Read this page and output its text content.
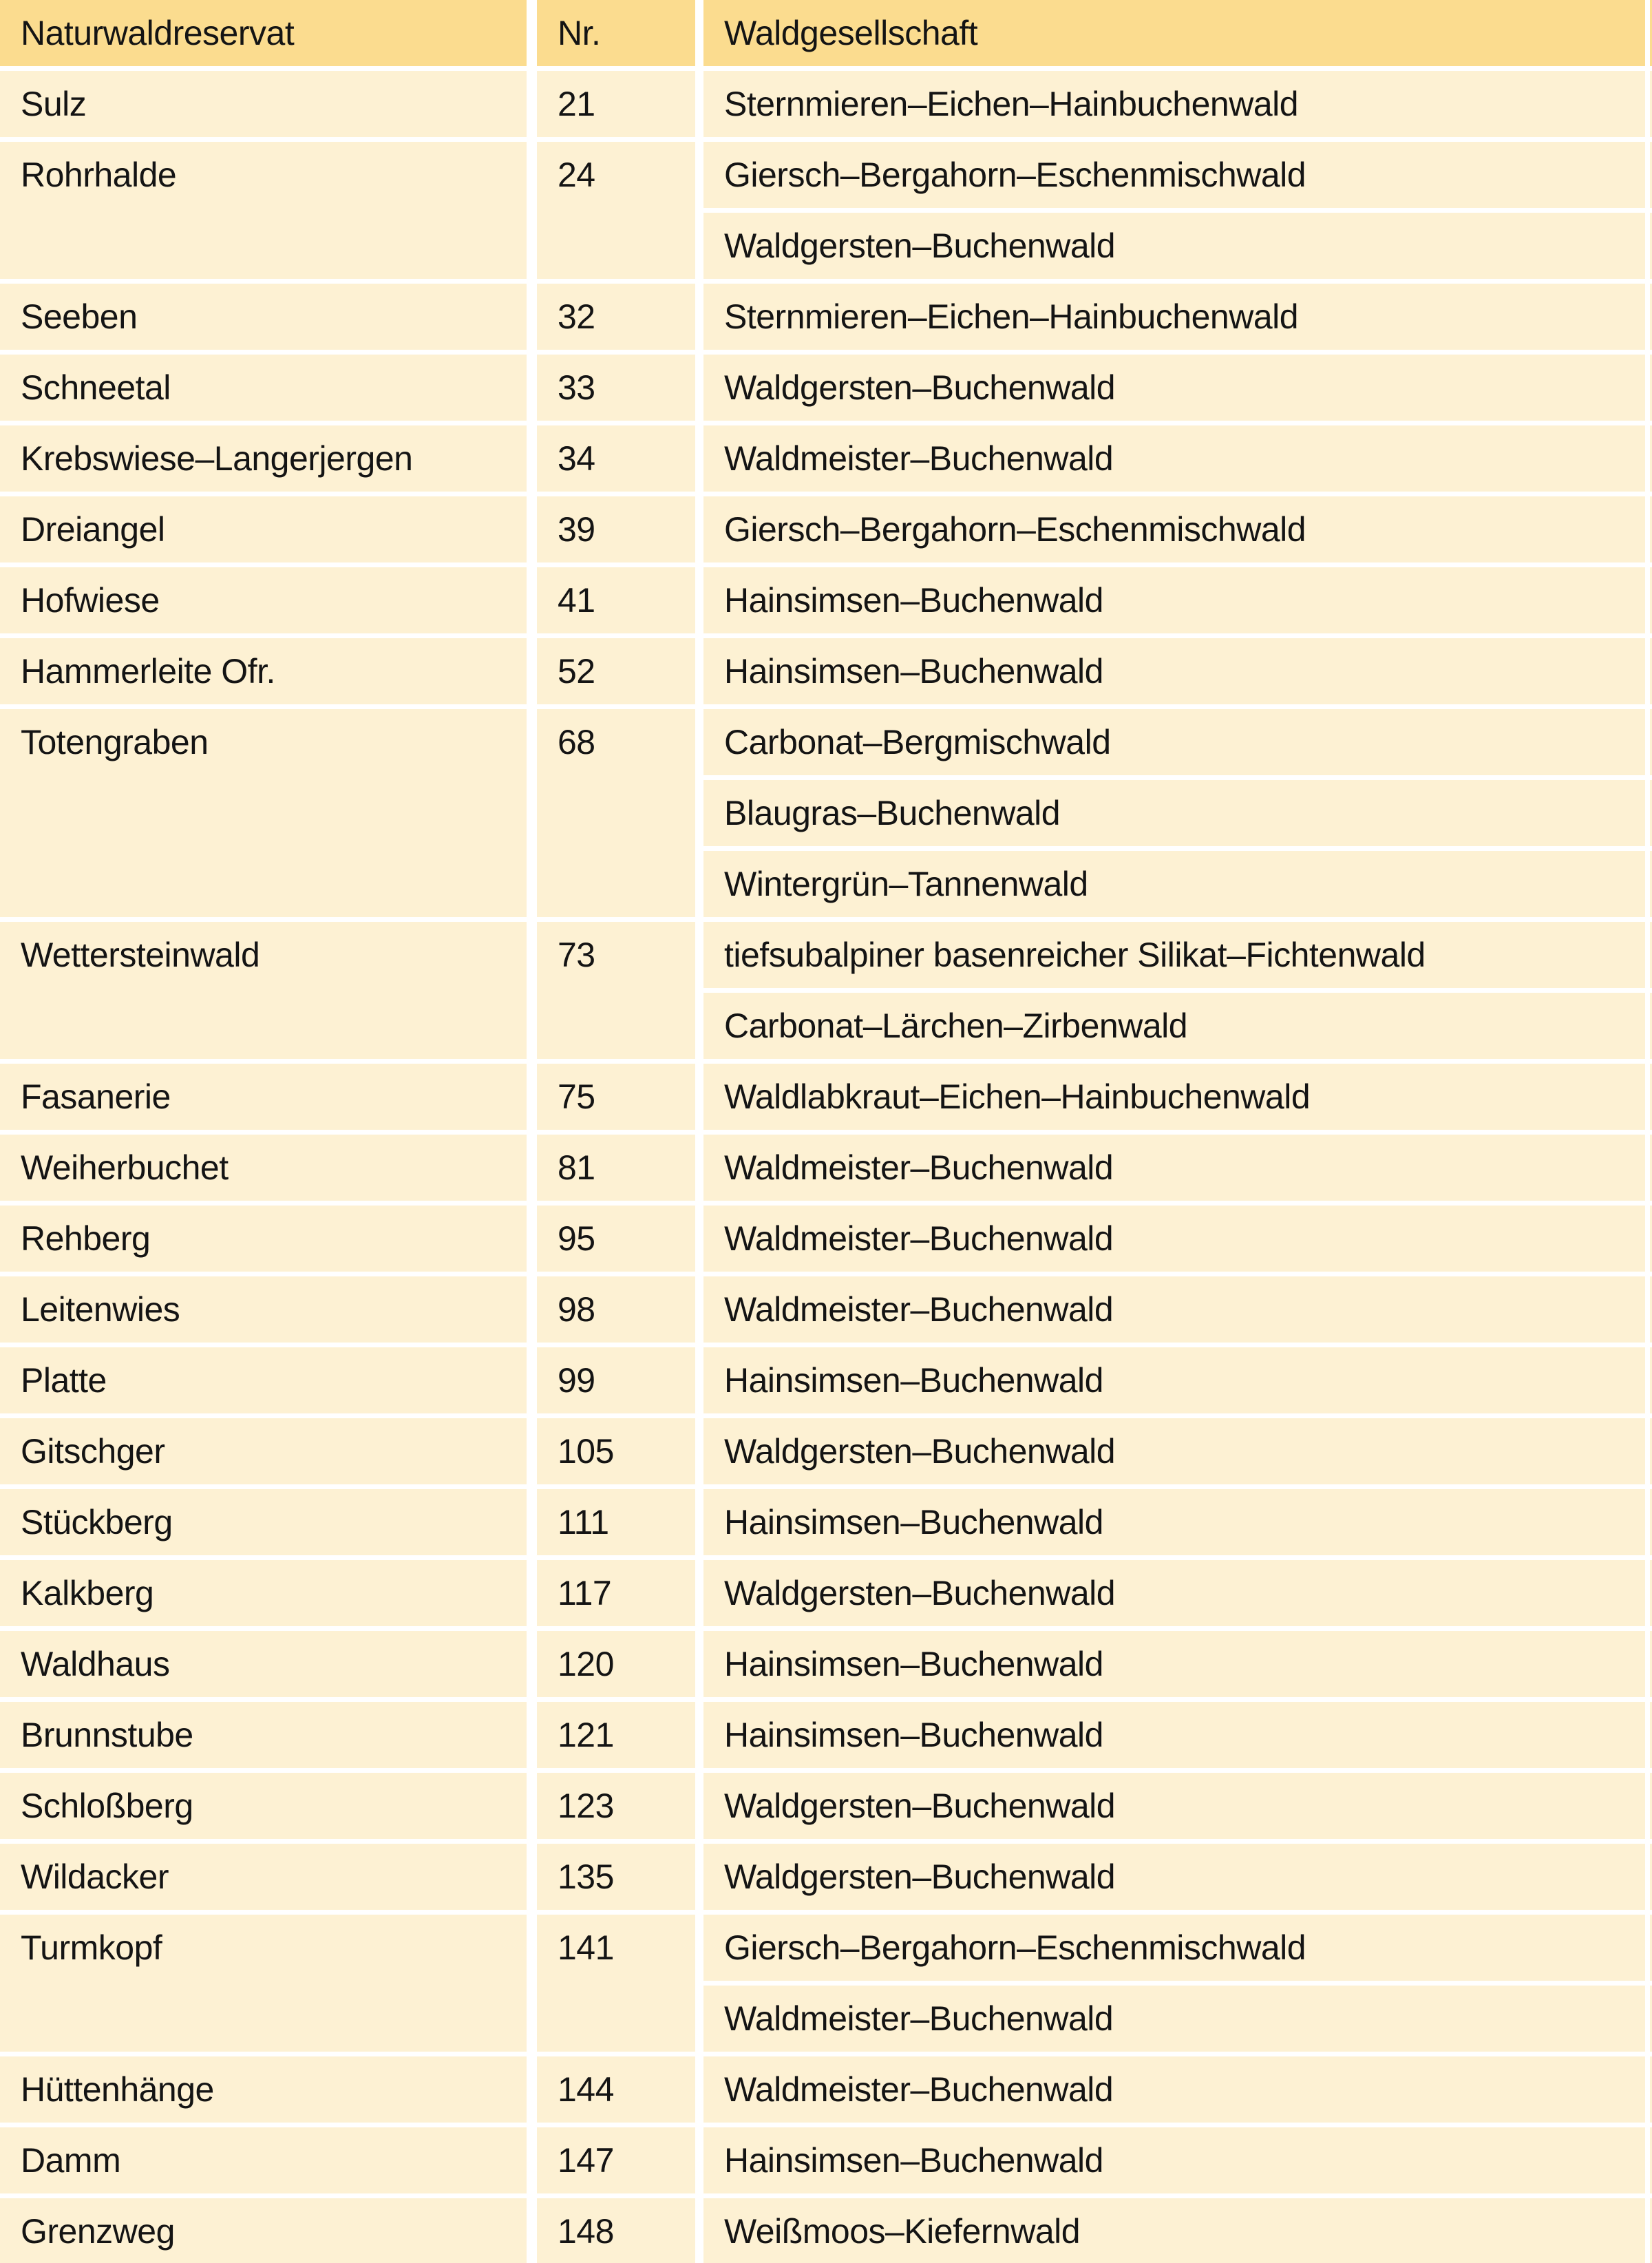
Naturwaldreservat	Nr.	Waldgesellschaft
Sulz	21	Sternmieren–Eichen–Hainbuchenwald
Rohrhalde	24	Giersch–Bergahorn–Eschenmischwald
Waldgersten–Buchenwald
Seeben	32	Sternmieren–Eichen–Hainbuchenwald
Schneetal	33	Waldgersten–Buchenwald
Krebswiese–Langerjergen	34	Waldmeister–Buchenwald
Dreiangel	39	Giersch–Bergahorn–Eschenmischwald
Hofwiese	41	Hainsimsen–Buchenwald
Hammerleite Ofr.	52	Hainsimsen–Buchenwald
Totengraben	68	Carbonat–Bergmischwald
Blaugras–Buchenwald
Wintergrün–Tannenwald
Wettersteinwald	73	tiefsubalpiner basenreicher Silikat–Fichtenwald
Carbonat–Lärchen–Zirbenwald
Fasanerie	75	Waldlabkraut–Eichen–Hainbuchenwald
Weiherbuchet	81	Waldmeister–Buchenwald
Rehberg	95	Waldmeister–Buchenwald
Leitenwies	98	Waldmeister–Buchenwald
Platte	99	Hainsimsen–Buchenwald
Gitschger	105	Waldgersten–Buchenwald
Stückberg	111	Hainsimsen–Buchenwald
Kalkberg	117	Waldgersten–Buchenwald
Waldhaus	120	Hainsimsen–Buchenwald
Brunnstube	121	Hainsimsen–Buchenwald
Schloßberg	123	Waldgersten–Buchenwald
Wildacker	135	Waldgersten–Buchenwald
Turmkopf	141	Giersch–Bergahorn–Eschenmischwald
Waldmeister–Buchenwald
Hüttenhänge	144	Waldmeister–Buchenwald
Damm	147	Hainsimsen–Buchenwald
Grenzweg	148	Weißmoos–Kiefernwald
